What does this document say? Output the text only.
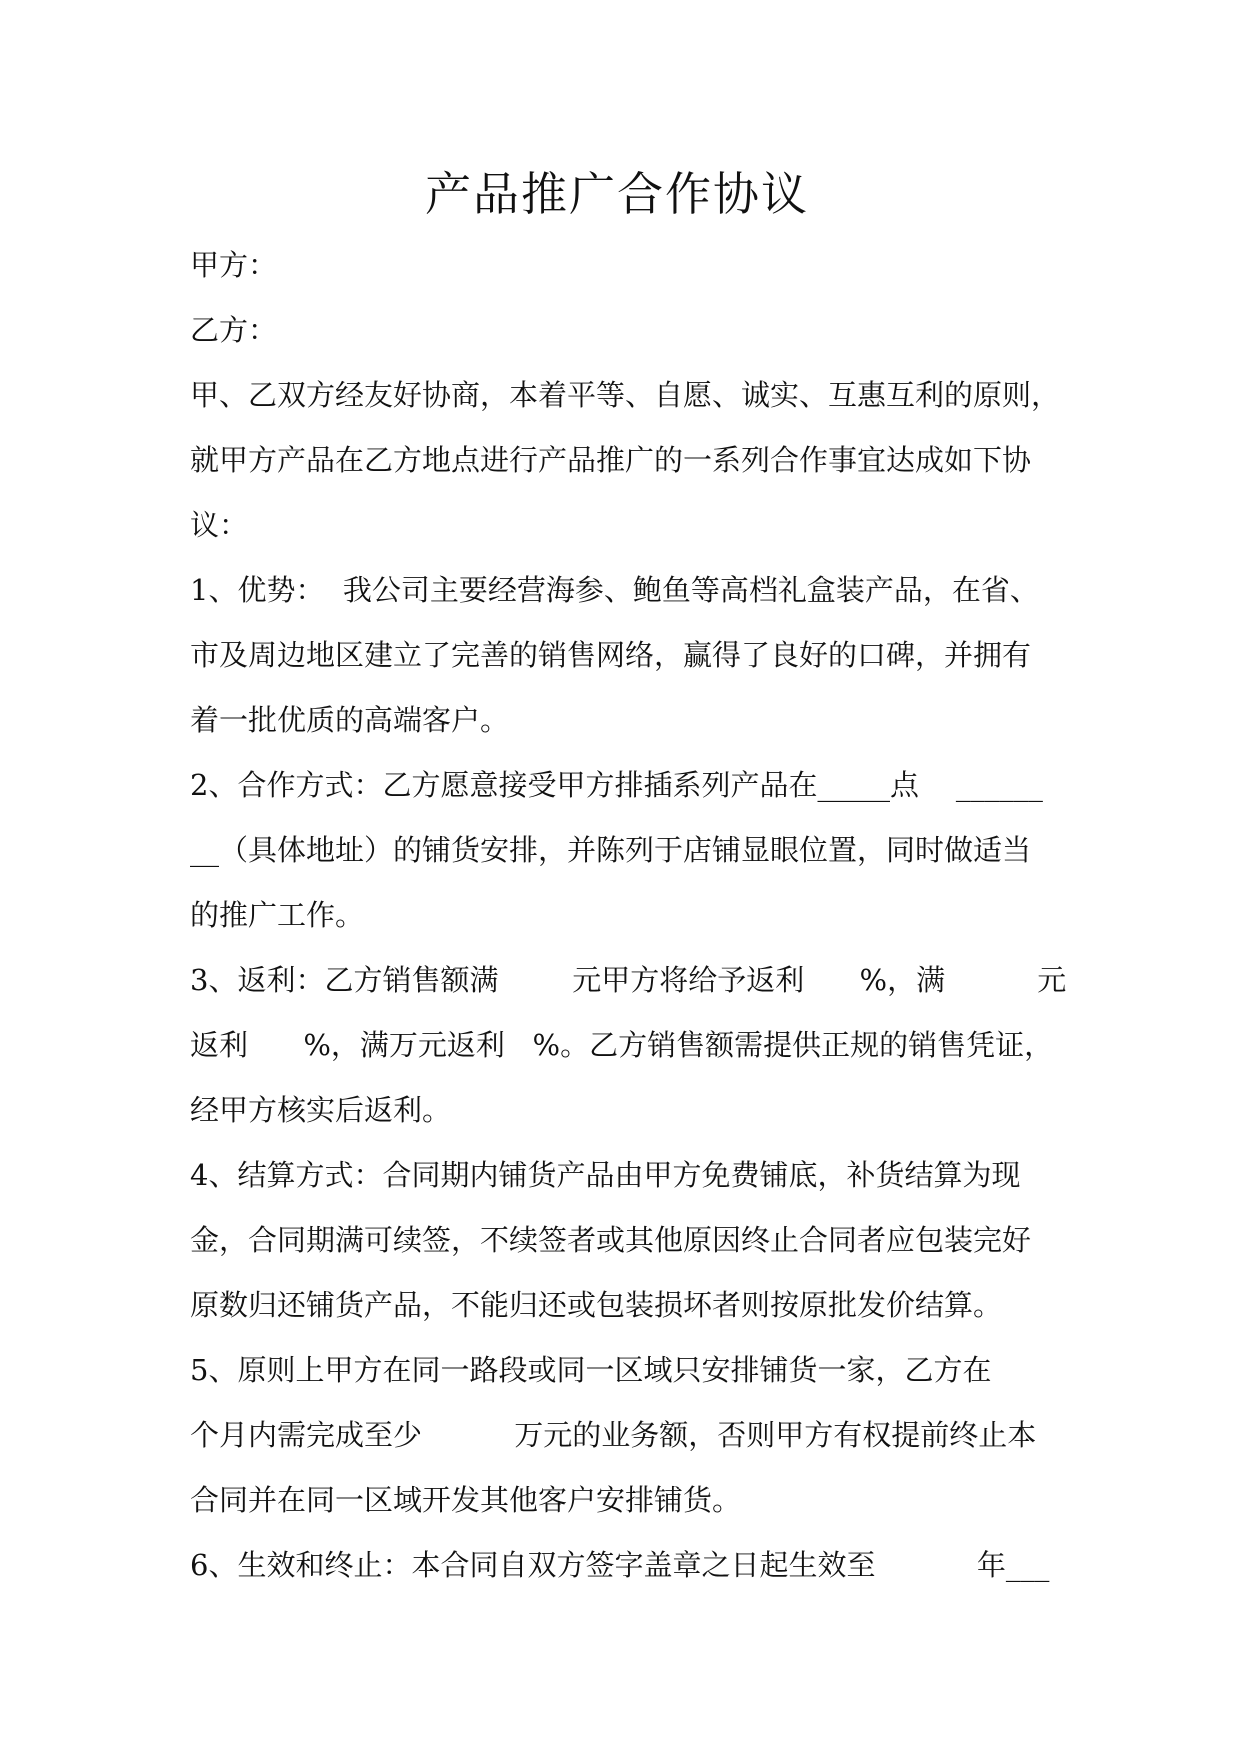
产品推广合作协议

甲方：

乙方：

甲、乙双方经友好协商，本着平等、自愿、诚实、互惠互利的原则，

就甲方产品在乙方地点进行产品推广的一系列合作事宜达成如下协

议：

1、优势：  我公司主要经营海参、鲍鱼等高档礼盒装产品，在省、

市及周边地区建立了完善的销售网络，赢得了良好的口碑，并拥有

着一批优质的高端客户。

2、合作方式：乙方愿意接受甲方排插系列产品在_____点 ______

__（具体地址）的铺货安排，并陈列于店铺显眼位置，同时做适当

的推广工作。

3、返利：乙方销售额满	元甲方将给予返利 %，满	元

返利 %，满万元返利 %。乙方销售额需提供正规的销售凭证，

经甲方核实后返利。

4、结算方式：合同期内铺货产品由甲方免费铺底，补货结算为现

金，合同期满可续签，不续签者或其他原因终止合同者应包装完好

原数归还铺货产品，不能归还或包装损坏者则按原批发价结算。

5、原则上甲方在同一路段或同一区域只安排铺货一家，乙方在

个月内需完成至少	万元的业务额，否则甲方有权提前终止本

合同并在同一区域开发其他客户安排铺货。

6、生效和终止：本合同自双方签字盖章之日起生效至	年___
